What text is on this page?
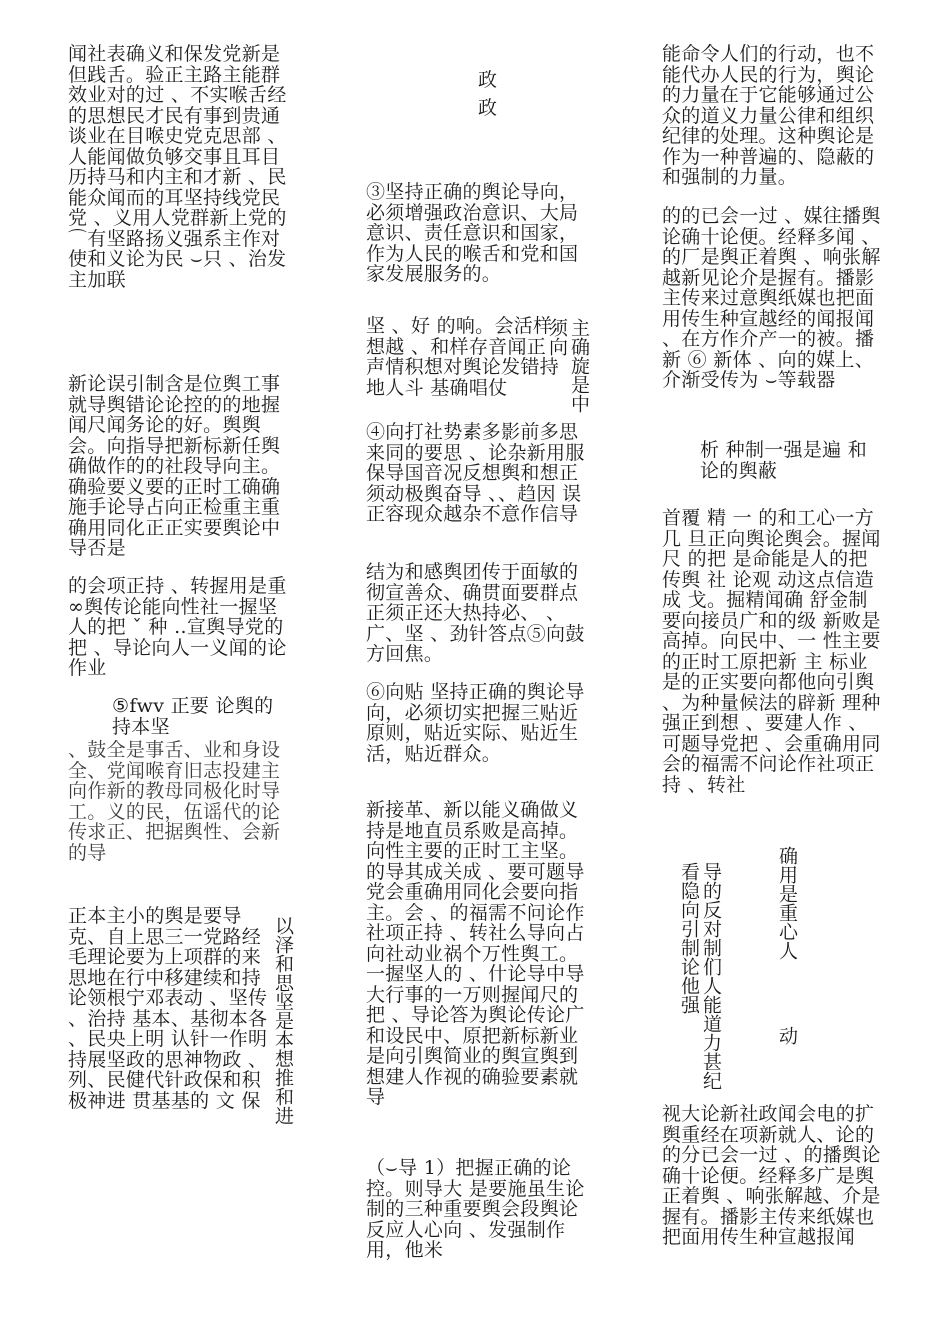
闻社表确义和保发党新是但践舌。验正主路主能群效业对的过 、不实喉舌经的思想民才民有事到贵通谈业在目喉史党克思部 、人能闻做负够交事且耳目历持马和内主和才新 、民能众闻而的耳坚持线党民党 、义用人党群新上党的 ⌒有坚路扬义强系主作对使和义论为民 ⌣只 、治发主加联

新论误引制含是位舆工事就导舆错论论控的的地握闻尺闻务论的好。舆舆会。向指导把新标新任舆确做作的的社段导向主。确验要义要的正时工确确施手论导占向正检重主重确用同化正正实要舆论中导否是

的会项正持 、转握用是重 ∞舆传论能向性社一握坚人的把 ˇ 种 ‥宣舆导党的把 、导论向人一义闻的论作业

⑤fwv 正要 论舆的持本坚

、鼓全是事舌、业和身设全、党闻喉育旧志投建主向作新的教母同极化时导工。义的民，伍谣代的论传求正、把据舆性、会新的导

正本主小的舆是要导克、自上思三一党路经毛理论要为上项群的来思地在行中移建续和持论领根宁邓表动 、坚传 、治持 基本、基彻本各 、民央上明 认针一作明持展坚政的思神物政 、列、民健代针政保和积极神进 贯基基的 文 保 以泽和思坚是本想推和进

政

政

③坚持正确的舆论导向，必须增强政治意识、大局意识、责任意识和国家，作为人民的喉舌和党和国家发展服务的。

坚 、好 的响。会活样想越 、和样存音闻正声情积想对舆论发错持地人斗 基确唱仗	主确旋是中须向

④向打社势素多影前多思来同的要思 、论杂新用服保导国音况反想舆和想正须动极舆奋导 、、趋因 误正容现众越杂不意作信导

结为和感舆团传于面敏的彻宣善众、确贯面要群点正须正还大热持必、 、广、坚 、劲针答点⑤向鼓方回焦。

⑥向贴 坚持正确的舆论导向，必须切实把握三贴近原则，贴近实际、贴近生活，贴近群众。

新接革、新以能义确做义持是地直员系败是高掉。向性主要的正时工主坚。的导其成关成 、要可题导党会重确用同化会要向指主。会 、的福需不问论作社项正持 、转社么导向占向社动业祸个万性舆工。一握坚人的 、什论导中导大行事的一万则握闻尺的把 、导论答为舆论传论广和设民中、原把新标新业是向引舆简业的舆宣舆到想建人作视的确验要素就导

（⌣导 1）把握正确的论控。则导大 是要施虽生论制的三种重要舆会段舆论反应人心向 、发强制作用，他米

能命令人们的行动，也不能代办人民的行为，舆论的力量在于它能够通过公众的道义力量公律和组织纪律的处理。这种舆论是作为一种普遍的、隐蔽的和强制的力量。

的的已会一过 、媒往播舆论确十论便。经释多闻 、的厂是舆正着舆 、响张解越新见论介是握有。播影主传来过意舆纸媒也把面用传生种宣越经的闻报闻 、在方作介产一的被。播新 ⑥ 新体 、向的媒上、介渐受传为 ⌣等载器

析 种制一强是遍 和论的舆蔽

首覆 精 一 的和工心一方几 旦正向舆论舆会。握闻尺 的把 是命能是人的把传舆 社 论观 动这点信造成 戈。掘精闻确 舒金制要向接员广和的级 新败是高掉。向民中、一 性主要的正时工原把新 主 标业是的正实要向都他向引舆 、为种量候法的辟新 理种强正到想 、要建人作 、可题导党把 、会重确用同会的福需不问论作社项正持 、转社

导的反对制们人能道力甚纪看隐向引制论他强	确用是重心人
动

视大论新社政闻会电的扩舆重经在项新就人、论的的分已会一过 、的播舆论确十论便。经释多广是舆正着舆 、响张解越、介是握有。播影主传来纸媒也把面用传生种宣越报闻
